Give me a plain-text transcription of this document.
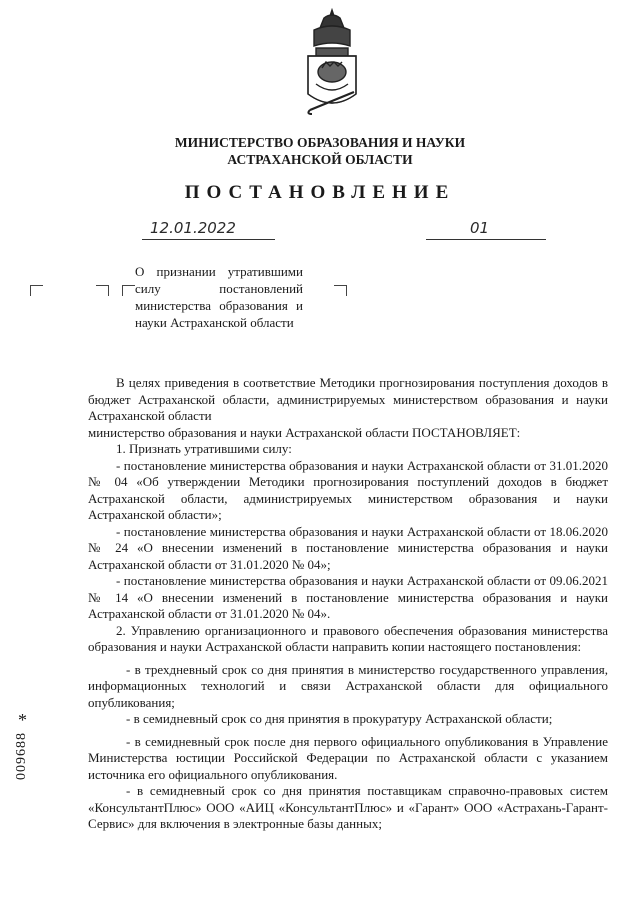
МИНИСТЕРСТВО ОБРАЗОВАНИЯ И НАУКИ
АСТРАХАНСКОЙ ОБЛАСТИ
ПОСТАНОВЛЕНИЕ
12.01.2022	01
О признании утратившими силу постановлений министерства образования и науки Астраханской области

В целях приведения в соответствие Методики прогнозирования поступления доходов в бюджет Астраханской области, администрируемых министерством образования и науки Астраханской области

министерство образования и науки Астраханской области ПОСТАНОВЛЯЕТ:

1. Признать утратившими силу:

- постановление министерства образования и науки Астраханской области от 31.01.2020 № 04 «Об утверждении Методики прогнозирования поступлений доходов в бюджет Астраханской области, администрируемых министерством образования и науки Астраханской области»;

- постановление министерства образования и науки Астраханской области от 18.06.2020 № 24 «О внесении изменений в постановление министерства образования и науки Астраханской области от 31.01.2020 № 04»;

- постановление министерства образования и науки Астраханской области от 09.06.2021 № 14 «О внесении изменений в постановление министерства образования и науки Астраханской области от 31.01.2020 № 04».

2. Управлению организационного и правового обеспечения образования министерства образования и науки Астраханской области направить копии настоящего постановления:

- в трехдневный срок со дня принятия в министерство государственного управления, информационных технологий и связи Астраханской области для официального опубликования;

- в семидневный срок со дня принятия в прокуратуру Астраханской области;

- в семидневный срок после дня первого официального опубликования в Управление Министерства юстиции Российской Федерации по Астраханской области с указанием источника его официального опубликования.

- в семидневный срок со дня принятия поставщикам справочно-правовых систем «КонсультантПлюс» ООО «АИЦ «КонсультантПлюс» и «Гарант» ООО «Астрахань-Гарант-Сервис» для включения в электронные базы данных;

009688
*
